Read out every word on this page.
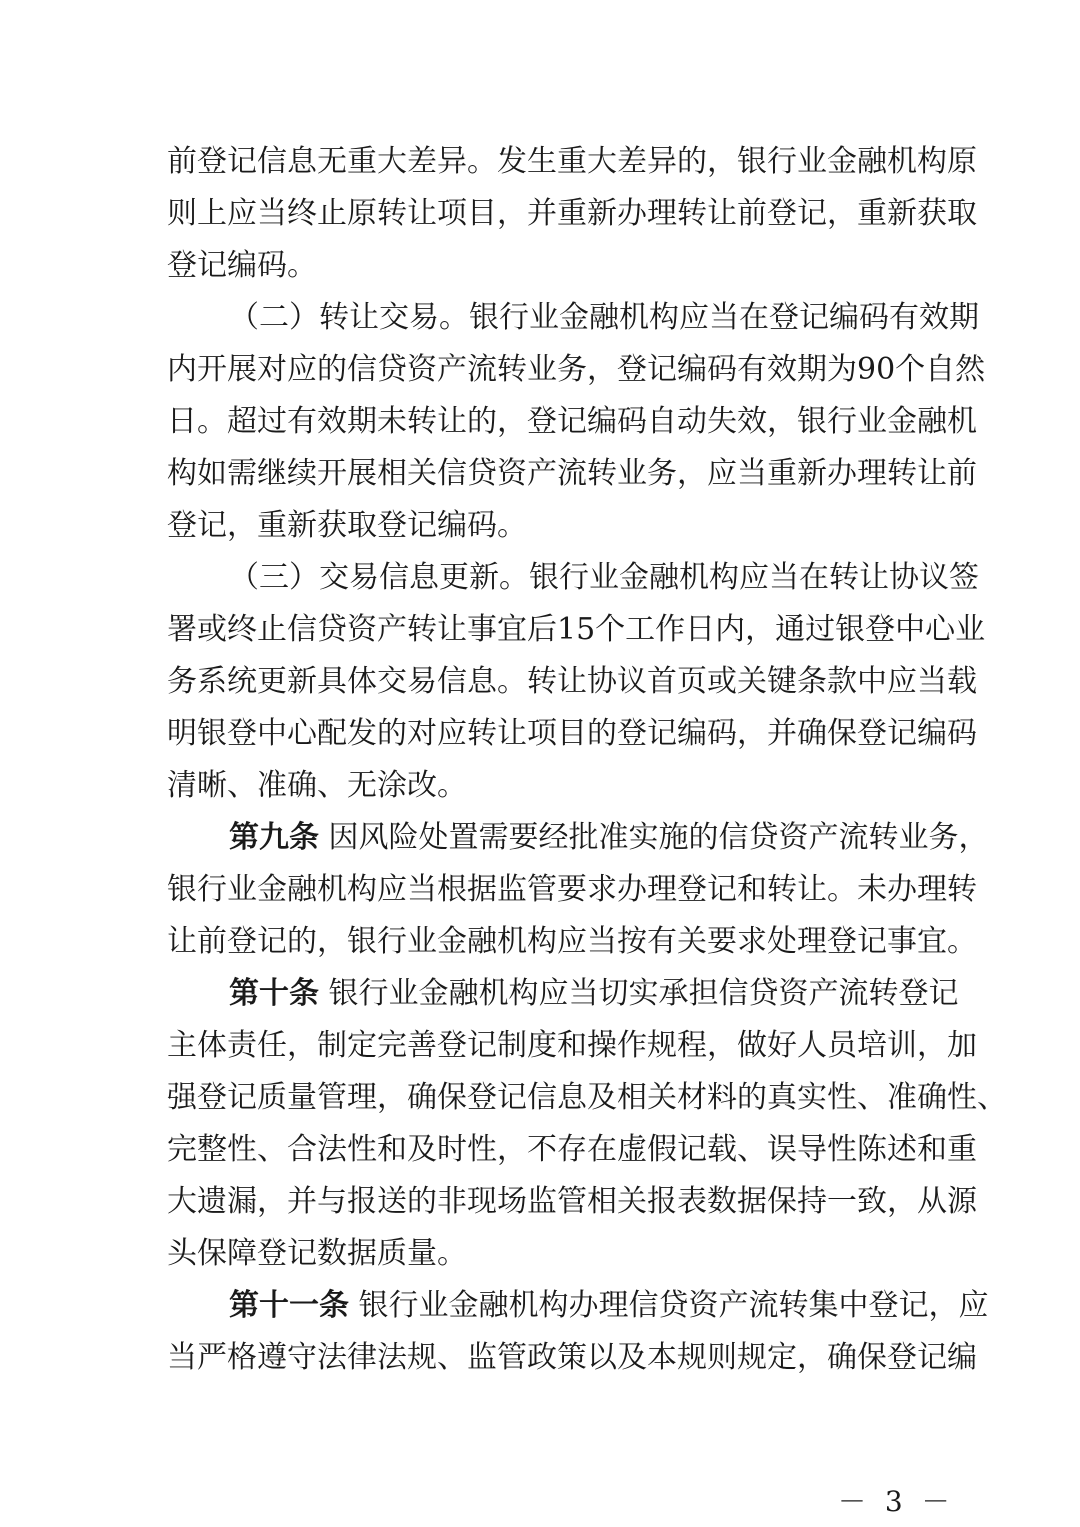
前登记信息无重大差异。发生重大差异的，银行业金融机构原
则上应当终止原转让项目，并重新办理转让前登记，重新获取
登记编码。
（二）转让交易。银行业金融机构应当在登记编码有效期
内开展对应的信贷资产流转业务，登记编码有效期为90个自然
日。超过有效期未转让的，登记编码自动失效，银行业金融机
构如需继续开展相关信贷资产流转业务，应当重新办理转让前
登记，重新获取登记编码。
（三）交易信息更新。银行业金融机构应当在转让协议签
署或终止信贷资产转让事宜后15个工作日内，通过银登中心业
务系统更新具体交易信息。转让协议首页或关键条款中应当载
明银登中心配发的对应转让项目的登记编码，并确保登记编码
清晰、准确、无涂改。
第九条 因风险处置需要经批准实施的信贷资产流转业务，
银行业金融机构应当根据监管要求办理登记和转让。未办理转
让前登记的，银行业金融机构应当按有关要求处理登记事宜。
第十条 银行业金融机构应当切实承担信贷资产流转登记
主体责任，制定完善登记制度和操作规程，做好人员培训，加
强登记质量管理，确保登记信息及相关材料的真实性、准确性、
完整性、合法性和及时性，不存在虚假记载、误导性陈述和重
大遗漏，并与报送的非现场监管相关报表数据保持一致，从源
头保障登记数据质量。
第十一条 银行业金融机构办理信贷资产流转集中登记，应
当严格遵守法律法规、监管政策以及本规则规定，确保登记编
－ 3 －
